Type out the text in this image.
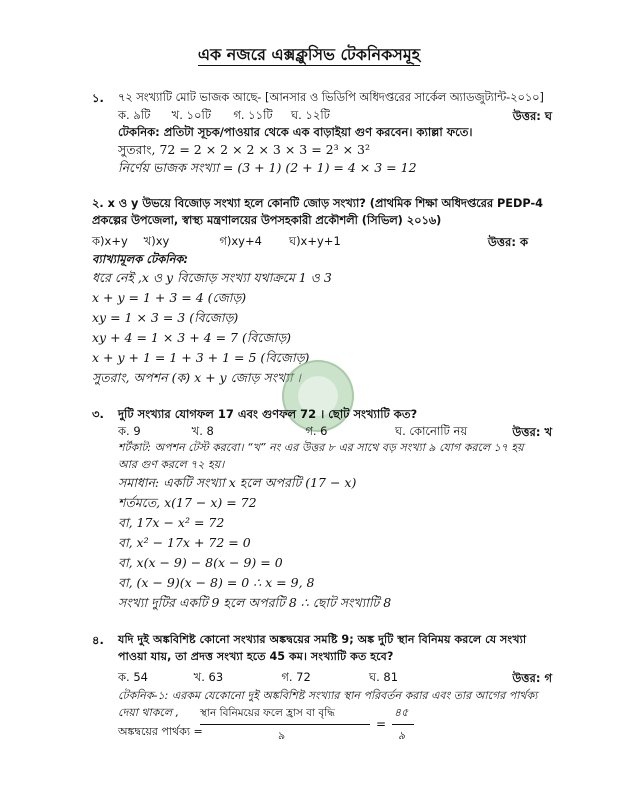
এক নজরে এক্সক্লুসিভ টেকনিকসমূহ
১. ৭২ সংখ্যাটি মোট ভাজক আছে- [আনসার ও ভিডিপি অধিদপ্তরের সার্কেল অ্যাডজুট্যান্ট-২০১০]
ক. ৯টি খ. ১০টি গ. ১১টি ঘ. ১২টি	উত্তর: ঘ
টেকনিক: প্রতিটা সূচক/পাওয়ার থেকে এক বাড়াইয়া গুণ করবেন। ক্যাল্লা ফতে।
সুতরাং, 72 = 2 × 2 × 2 × 3 × 3 = 2³ × 3²
নির্ণেয় ভাজক সংখ্যা = (3 + 1) (2 + 1) = 4 × 3 = 12
২. x ও y উভয়ে বিজোড় সংখ্যা হলে কোনটি জোড় সংখ্যা? (প্রাথমিক শিক্ষা অধিদপ্তরের PEDP-4
প্রকল্পের উপজেলা, স্বাস্থ্য মন্ত্রণালয়ের উপসহকারী প্রকৌশলী (সিভিল) ২০১৬)
ক)x+y খ)xy	গ)xy+4 ঘ)x+y+1	উত্তর: ক
ব্যাখ্যামূলক টেকনিক:
ধরে নেই ,x ও y বিজোড় সংখ্যা যথাক্রমে 1 ও 3
x + y = 1 + 3 = 4 (জোড়)
xy = 1 × 3 = 3 (বিজোড়)
xy + 4 = 1 × 3 + 4 = 7 (বিজোড়)
x + y + 1 = 1 + 3 + 1 = 5 (বিজোড়)
সুতরাং, অপশন (ক) x + y জোড় সংখ্যা ।
৩. দুটি সংখ্যার যোগফল 17 এবং গুণফল 72 । ছোট সংখ্যাটি কত?
ক. 9	খ. 8	গ. 6	ঘ. কোনোটি নয়	উত্তর: খ
শর্টকাট: অপশন টেস্ট করবো। “খ” নং এর উত্তর ৮ এর সাথে বড় সংখ্যা ৯ যোগ করলে ১৭ হয়
আর গুণ করলে ৭২ হয়।
সমাধান: একটি সংখ্যা x হলে অপরটি (17 − x)
শর্তমতে, x(17 − x) = 72
বা, 17x − x² = 72
বা, x² − 17x + 72 = 0
বা, x(x − 9) − 8(x − 9) = 0
বা, (x − 9)(x − 8) = 0 ∴ x = 9, 8
সংখ্যা দুটির একটি 9 হলে অপরটি 8 ∴ ছোট সংখ্যাটি 8
৪. যদি দুই অঙ্কবিশিষ্ট কোনো সংখ্যার অঙ্কদ্বয়ের সমষ্টি 9; অঙ্ক দুটি স্থান বিনিময় করলে যে সংখ্যা
পাওয়া যায়, তা প্রদত্ত সংখ্যা হতে 45 কম। সংখ্যাটি কত হবে?
ক. 54	খ. 63	গ. 72	ঘ. 81	উত্তর: গ
টেকনিক-১: এরকম যেকোনো দুই অঙ্কবিশিষ্ট সংখ্যার স্থান পরিবর্তন করার এবং তার আগের পার্থক্য
দেয়া থাকলে ,
অঙ্কদ্বয়ের পার্থক্য =
স্থান বিনিময়ের ফলে হ্রাস বা বৃদ্ধি
৯
=
৪৫
৯
